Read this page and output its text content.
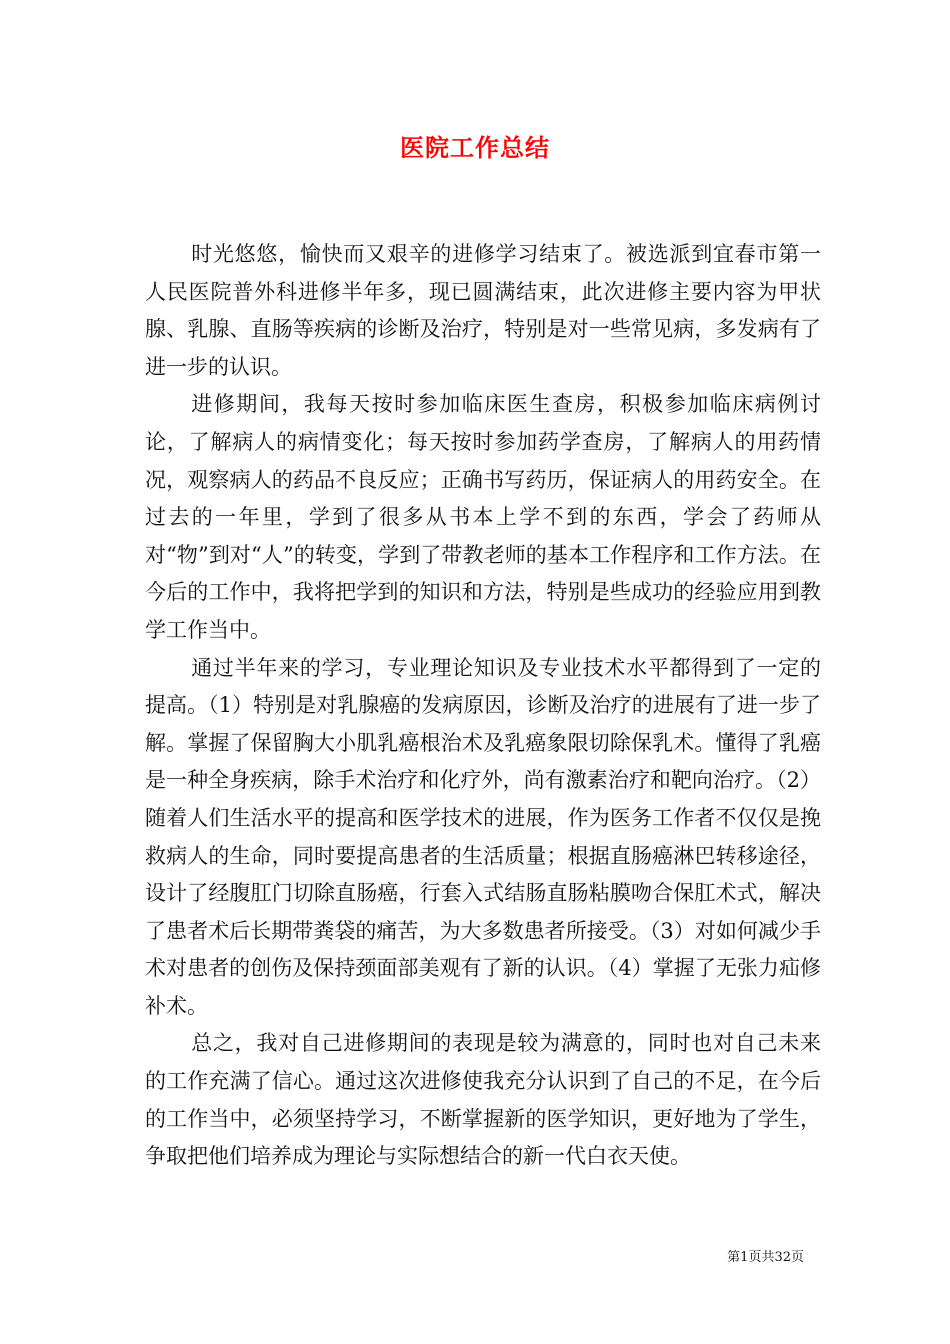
医院工作总结

时光悠悠，愉快而又艰辛的进修学习结束了。被选派到宜春市第一人民医院普外科进修半年多，现已圆满结束，此次进修主要内容为甲状腺、乳腺、直肠等疾病的诊断及治疗，特别是对一些常见病，多发病有了进一步的认识。

进修期间，我每天按时参加临床医生查房，积极参加临床病例讨论，了解病人的病情变化；每天按时参加药学查房，了解病人的用药情况，观察病人的药品不良反应；正确书写药历，保证病人的用药安全。在过去的一年里，学到了很多从书本上学不到的东西，学会了药师从对“物”到对“人”的转变，学到了带教老师的基本工作程序和工作方法。在今后的工作中，我将把学到的知识和方法，特别是些成功的经验应用到教学工作当中。

通过半年来的学习，专业理论知识及专业技术水平都得到了一定的提高。（1）特别是对乳腺癌的发病原因，诊断及治疗的进展有了进一步了解。掌握了保留胸大小肌乳癌根治术及乳癌象限切除保乳术。懂得了乳癌是一种全身疾病，除手术治疗和化疗外，尚有激素治疗和靶向治疗。（2）随着人们生活水平的提高和医学技术的进展，作为医务工作者不仅仅是挽救病人的生命，同时要提高患者的生活质量；根据直肠癌淋巴转移途径，设计了经腹肛门切除直肠癌，行套入式结肠直肠粘膜吻合保肛术式，解决了患者术后长期带粪袋的痛苦，为大多数患者所接受。（3）对如何减少手术对患者的创伤及保持颈面部美观有了新的认识。（4）掌握了无张力疝修补术。

总之，我对自己进修期间的表现是较为满意的，同时也对自己未来的工作充满了信心。通过这次进修使我充分认识到了自己的不足，在今后的工作当中，必须坚持学习，不断掌握新的医学知识，更好地为了学生，争取把他们培养成为理论与实际想结合的新一代白衣天使。

第1页共32页
